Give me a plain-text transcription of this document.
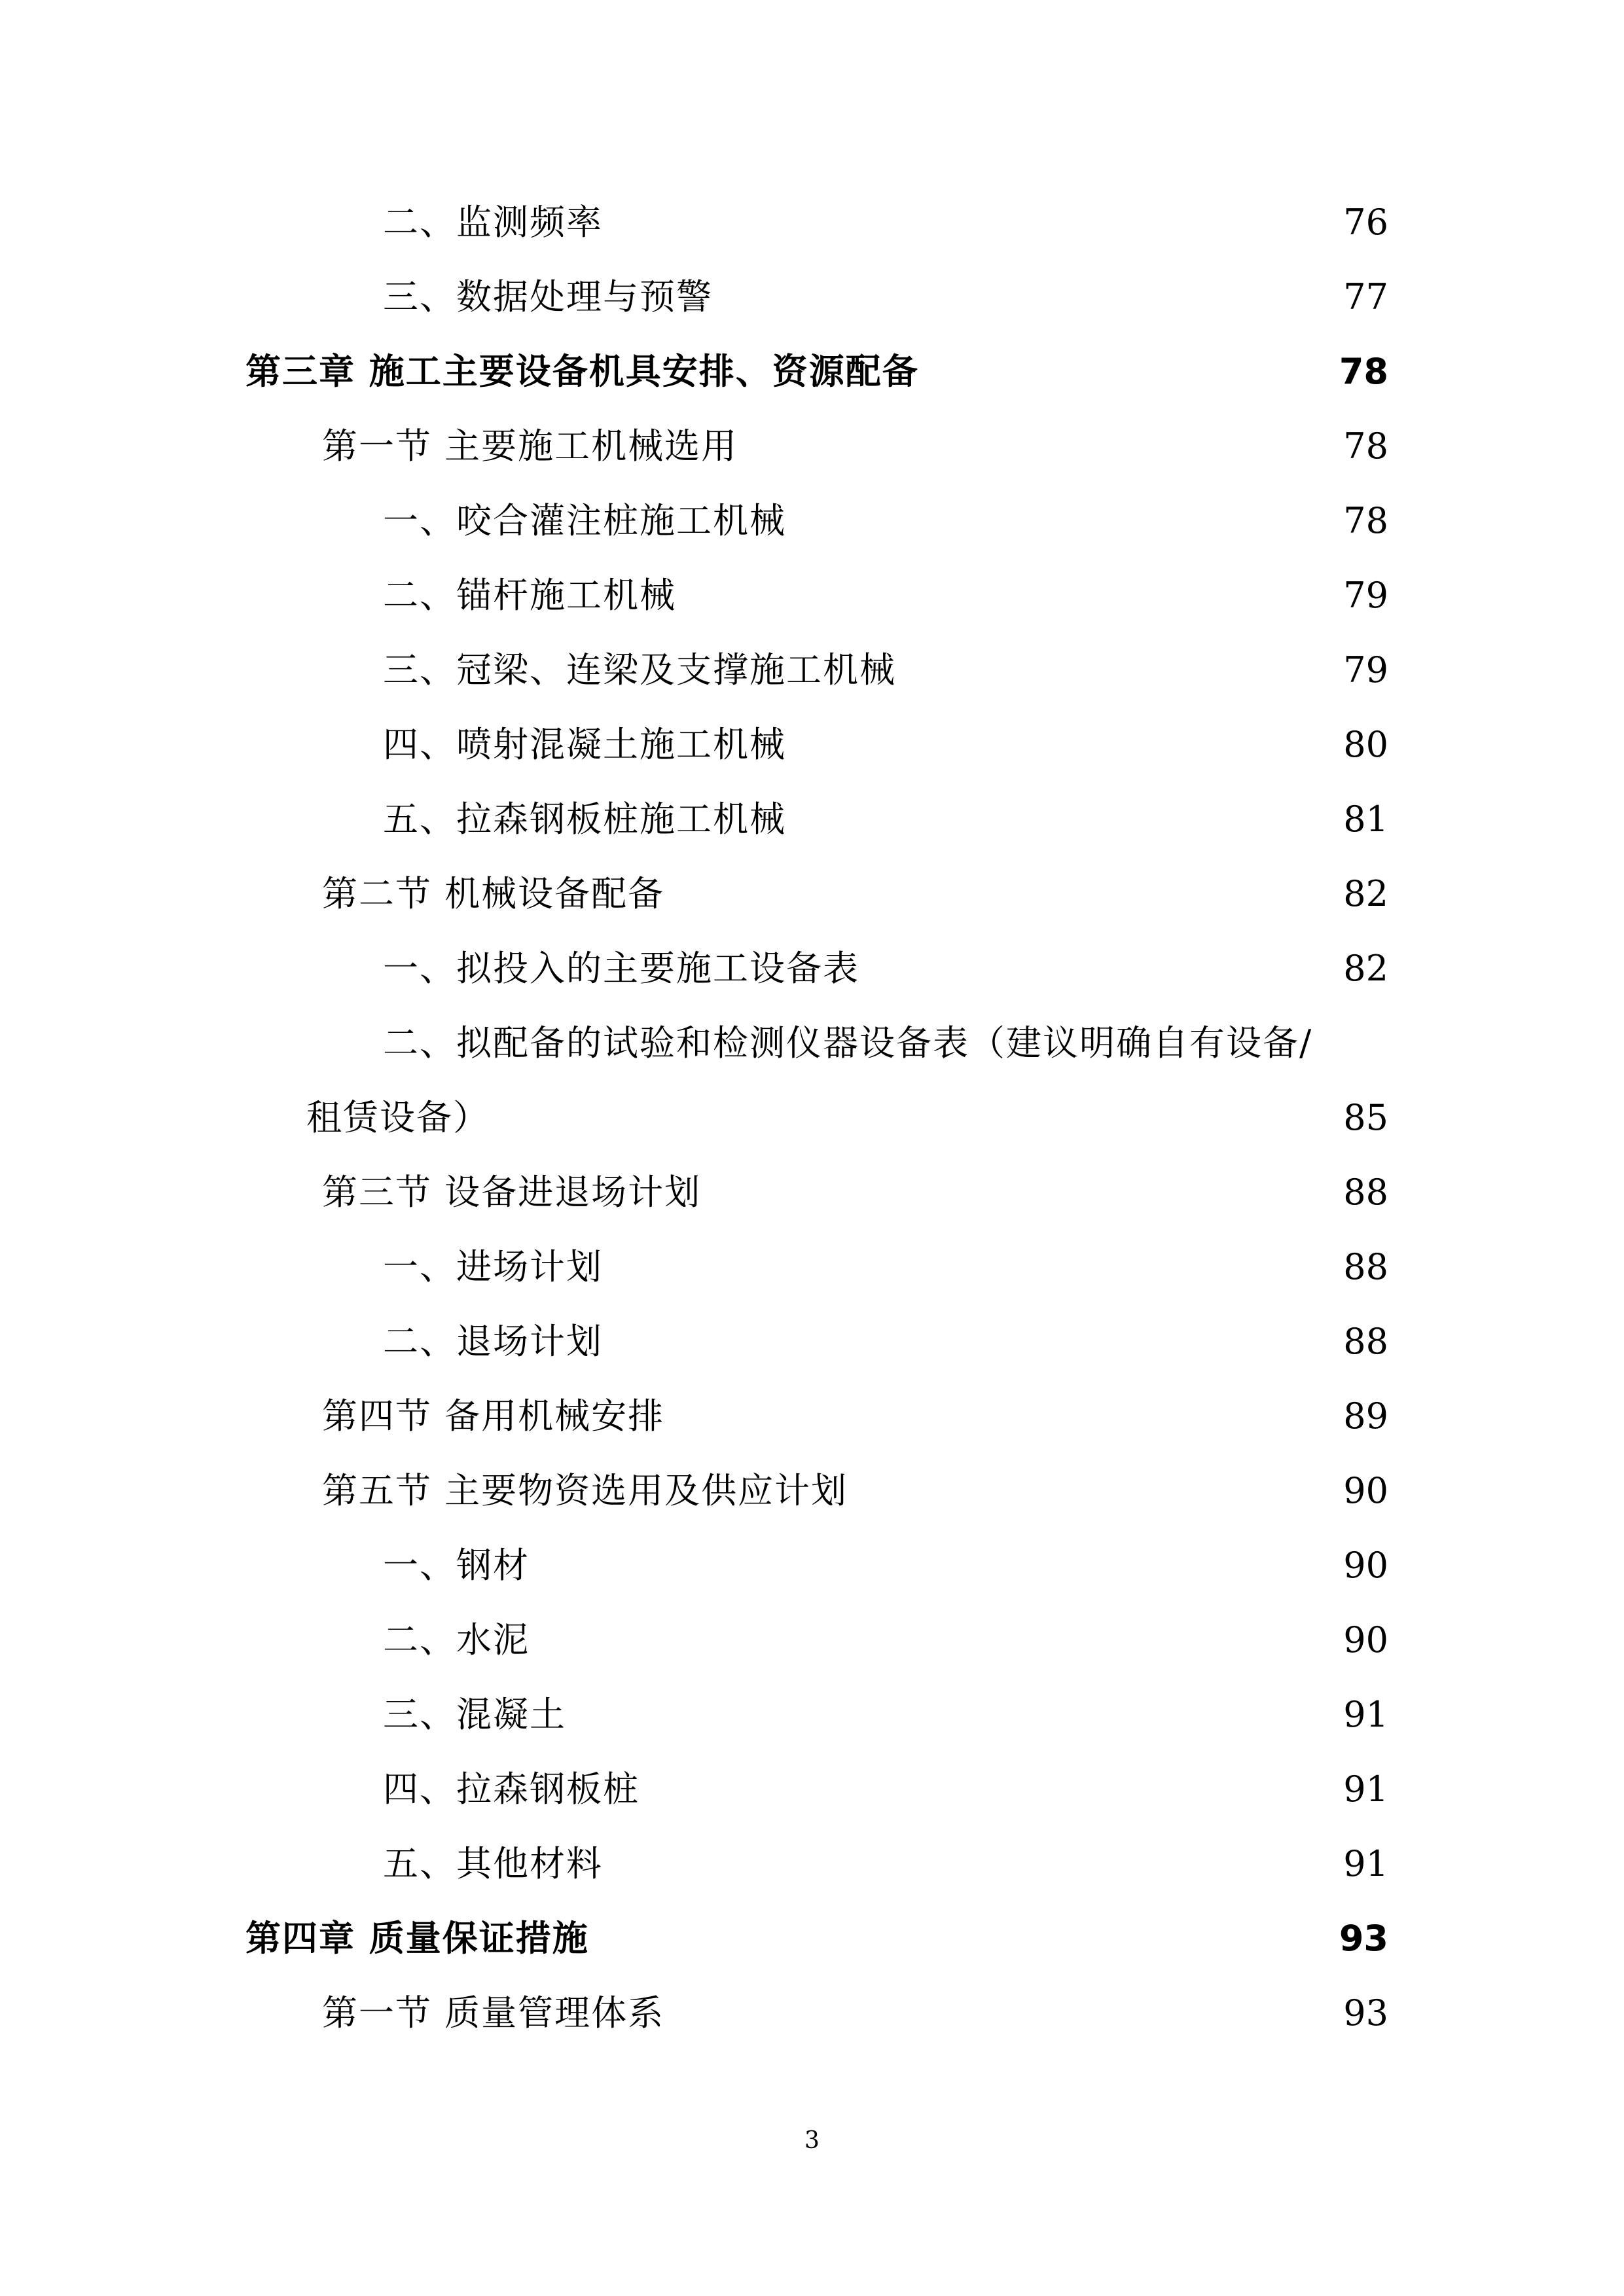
二、监测频率	76
三、数据处理与预警	77
第三章 施工主要设备机具安排、资源配备	78
第一节 主要施工机械选用	78
一、咬合灌注桩施工机械	78
二、锚杆施工机械	79
三、冠梁、连梁及支撑施工机械	79
四、喷射混凝土施工机械	80
五、拉森钢板桩施工机械	81
第二节 机械设备配备	82
一、拟投入的主要施工设备表	82
二、拟配备的试验和检测仪器设备表（建议明确自有设备/
租赁设备）	85
第三节 设备进退场计划	88
一、进场计划	88
二、退场计划	88
第四节 备用机械安排	89
第五节 主要物资选用及供应计划	90
一、钢材	90
二、水泥	90
三、混凝土	91
四、拉森钢板桩	91
五、其他材料	91
第四章 质量保证措施	93
第一节 质量管理体系	93
3
